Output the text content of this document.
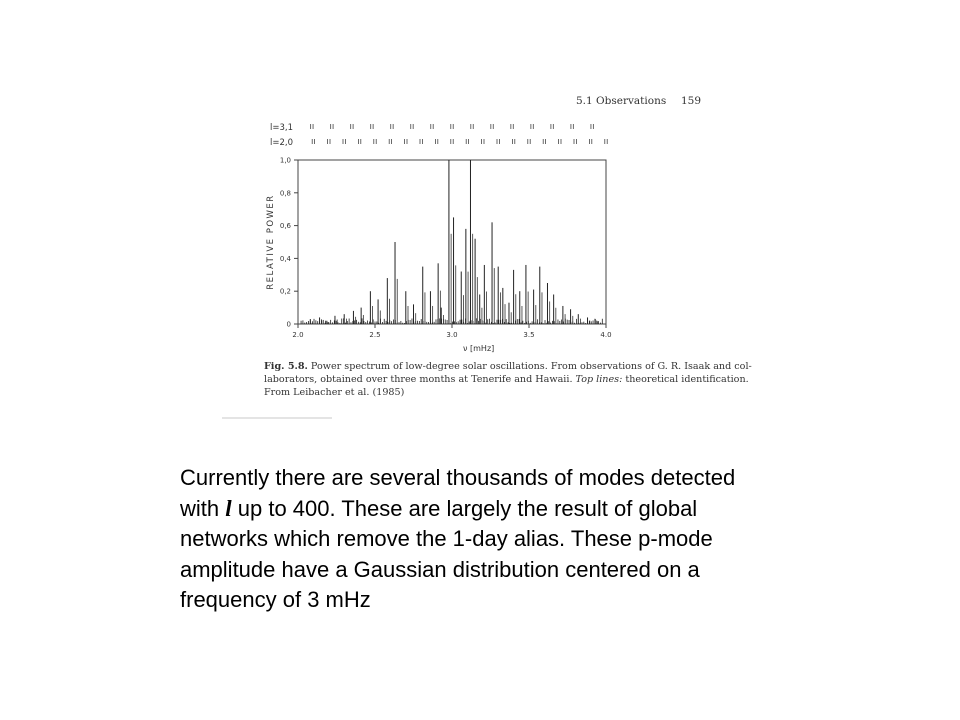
5.1 Observations 159
l=3,1
l=2,0
2.0	2.5	3.0	3.5	4.0
0
0,2
0,4
0,6
0,8
1,0
ν [mHz]
RELATIVE POWER
Fig. 5.8. Power spectrum of low-degree solar oscillations. From observations of G. R. Isaak and col-
laborators, obtained over three months at Tenerife and Hawaii. Top lines: theoretical identification.
From Leibacher et al. (1985)

Currently there are several thousands of modes detected

with l up to 400. These are largely the result of global

networks which remove the 1-day alias. These p-mode

amplitude have a Gaussian distribution centered on a

frequency of 3 mHz
